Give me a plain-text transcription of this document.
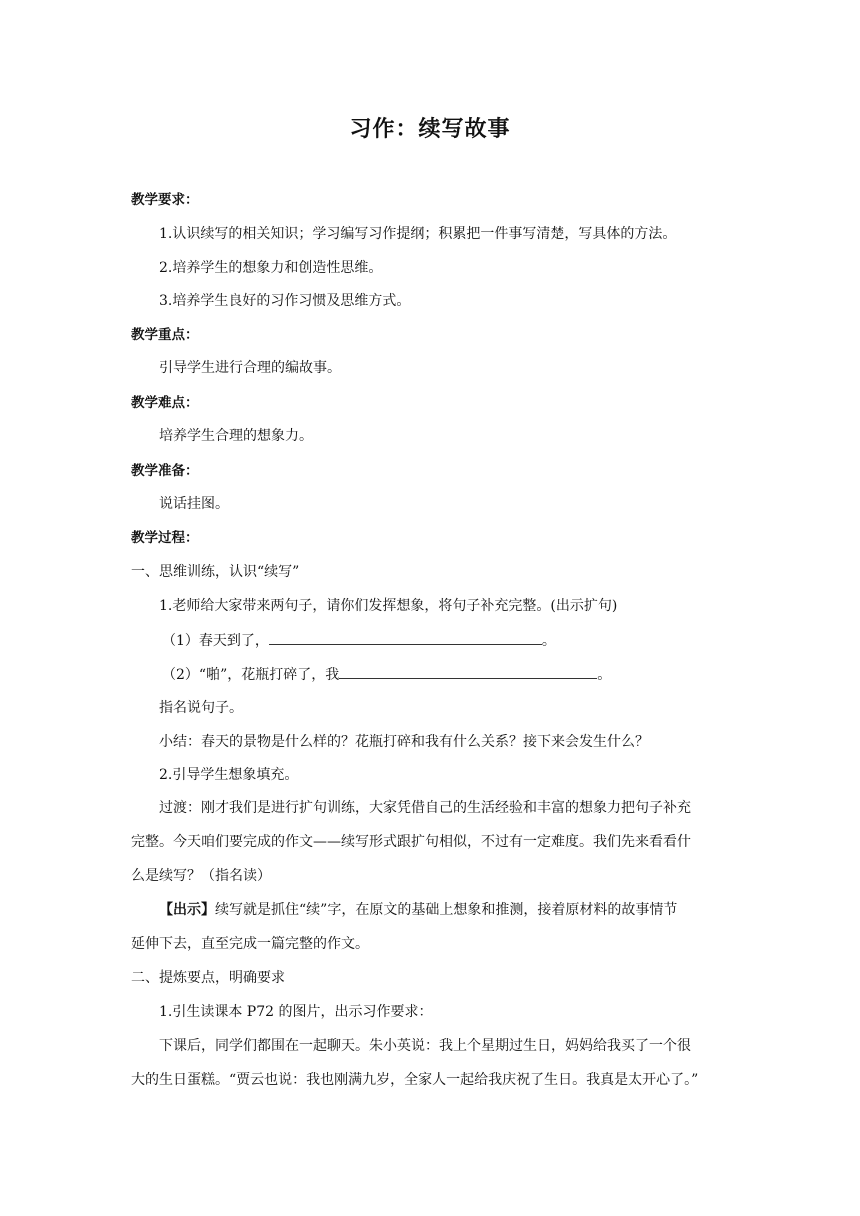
习作：续写故事
教学要求：
1.认识续写的相关知识；学习编写习作提纲；积累把一件事写清楚，写具体的方法。
2.培养学生的想象力和创造性思维。
3.培养学生良好的习作习惯及思维方式。
教学重点：
引导学生进行合理的编故事。
教学难点：
培养学生合理的想象力。
教学准备：
说话挂图。
教学过程：
一、思维训练，认识“续写”
1.老师给大家带来两句子，请你们发挥想象，将句子补充完整。(出示扩句)
（1）春天到了，	。
（2）“啪”，花瓶打碎了，我	。
指名说句子。
小结：春天的景物是什么样的？花瓶打碎和我有什么关系？接下来会发生什么？
2.引导学生想象填充。
过渡：刚才我们是进行扩句训练，大家凭借自己的生活经验和丰富的想象力把句子补充
完整。今天咱们要完成的作文——续写形式跟扩句相似，不过有一定难度。我们先来看看什
么是续写？（指名读）
【出示】续写就是抓住“续”字，在原文的基础上想象和推测，接着原材料的故事情节
延伸下去，直至完成一篇完整的作文。
二、提炼要点，明确要求
1.引生读课本 P72 的图片，出示习作要求：
下课后，同学们都围在一起聊天。朱小英说：我上个星期过生日，妈妈给我买了一个很
大的生日蛋糕。“贾云也说：我也刚满九岁，全家人一起给我庆祝了生日。我真是太开心了。”
